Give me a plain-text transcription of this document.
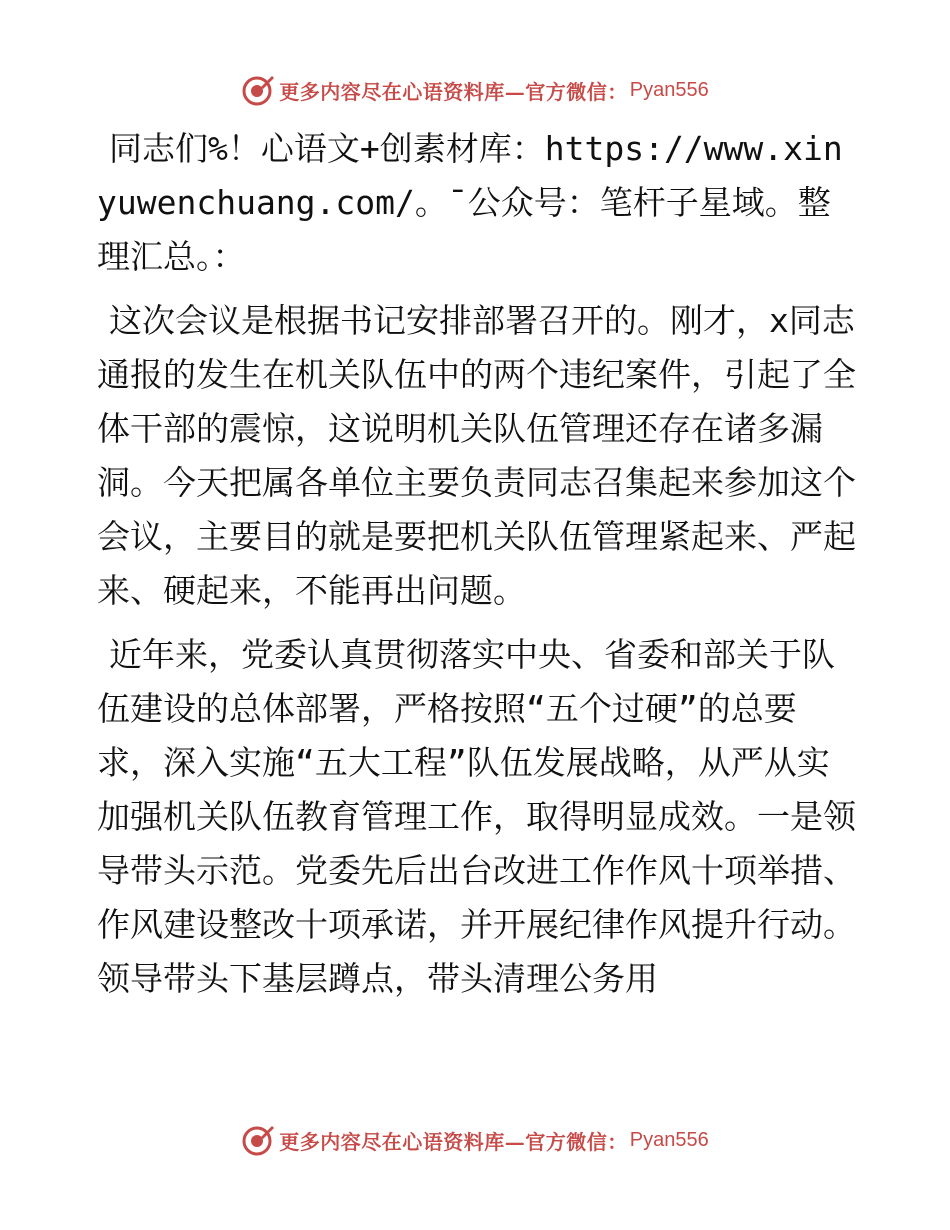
更多内容尽在心语资料库—官方微信： Pyan556

同志们%！心语文+创素材库：https://www.xinyuwenchuang.com/。¯公众号：笔杆子星域。整理汇总。：

这次会议是根据书记安排部署召开的。刚才，x同志通报的发生在机关队伍中的两个违纪案件，引起了全体干部的震惊，这说明机关队伍管理还存在诸多漏洞。今天把属各单位主要负责同志召集起来参加这个会议，主要目的就是要把机关队伍管理紧起来、严起来、硬起来，不能再出问题。

近年来，党委认真贯彻落实中央、省委和部关于队伍建设的总体部署，严格按照“五个过硬”的总要求，深入实施“五大工程”队伍发展战略，从严从实加强机关队伍教育管理工作，取得明显成效。一是领导带头示范。党委先后出台改进工作作风十项举措、作风建设整改十项承诺，并开展纪律作风提升行动。领导带头下基层蹲点，带头清理公务用

更多内容尽在心语资料库—官方微信： Pyan556
